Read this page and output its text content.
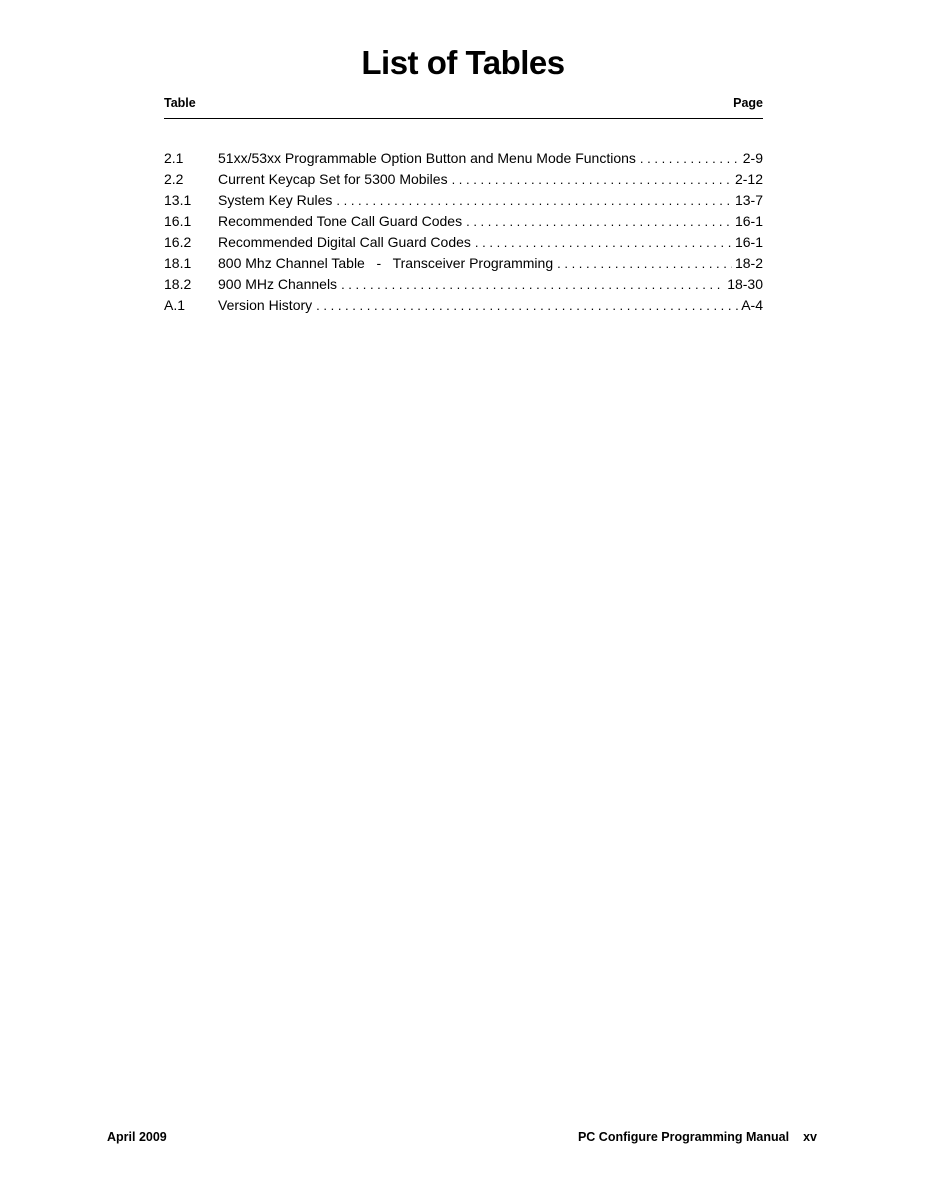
List of Tables
Table	Page
2.1	51xx/53xx Programmable Option Button and Menu Mode Functions . . .	2-9
2.2	Current Keycap Set for 5300 Mobiles . . .	2-12
13.1	System Key Rules . . .	13-7
16.1	Recommended Tone Call Guard Codes . . .	16-1
16.2	Recommended Digital Call Guard Codes . . .	16-1
18.1	800 Mhz Channel Table   -   Transceiver Programming . . .	18-2
18.2	900 MHz Channels . . .	18-30
A.1	Version History . . .	A-4
April 2009	PC Configure Programming Manual xv
